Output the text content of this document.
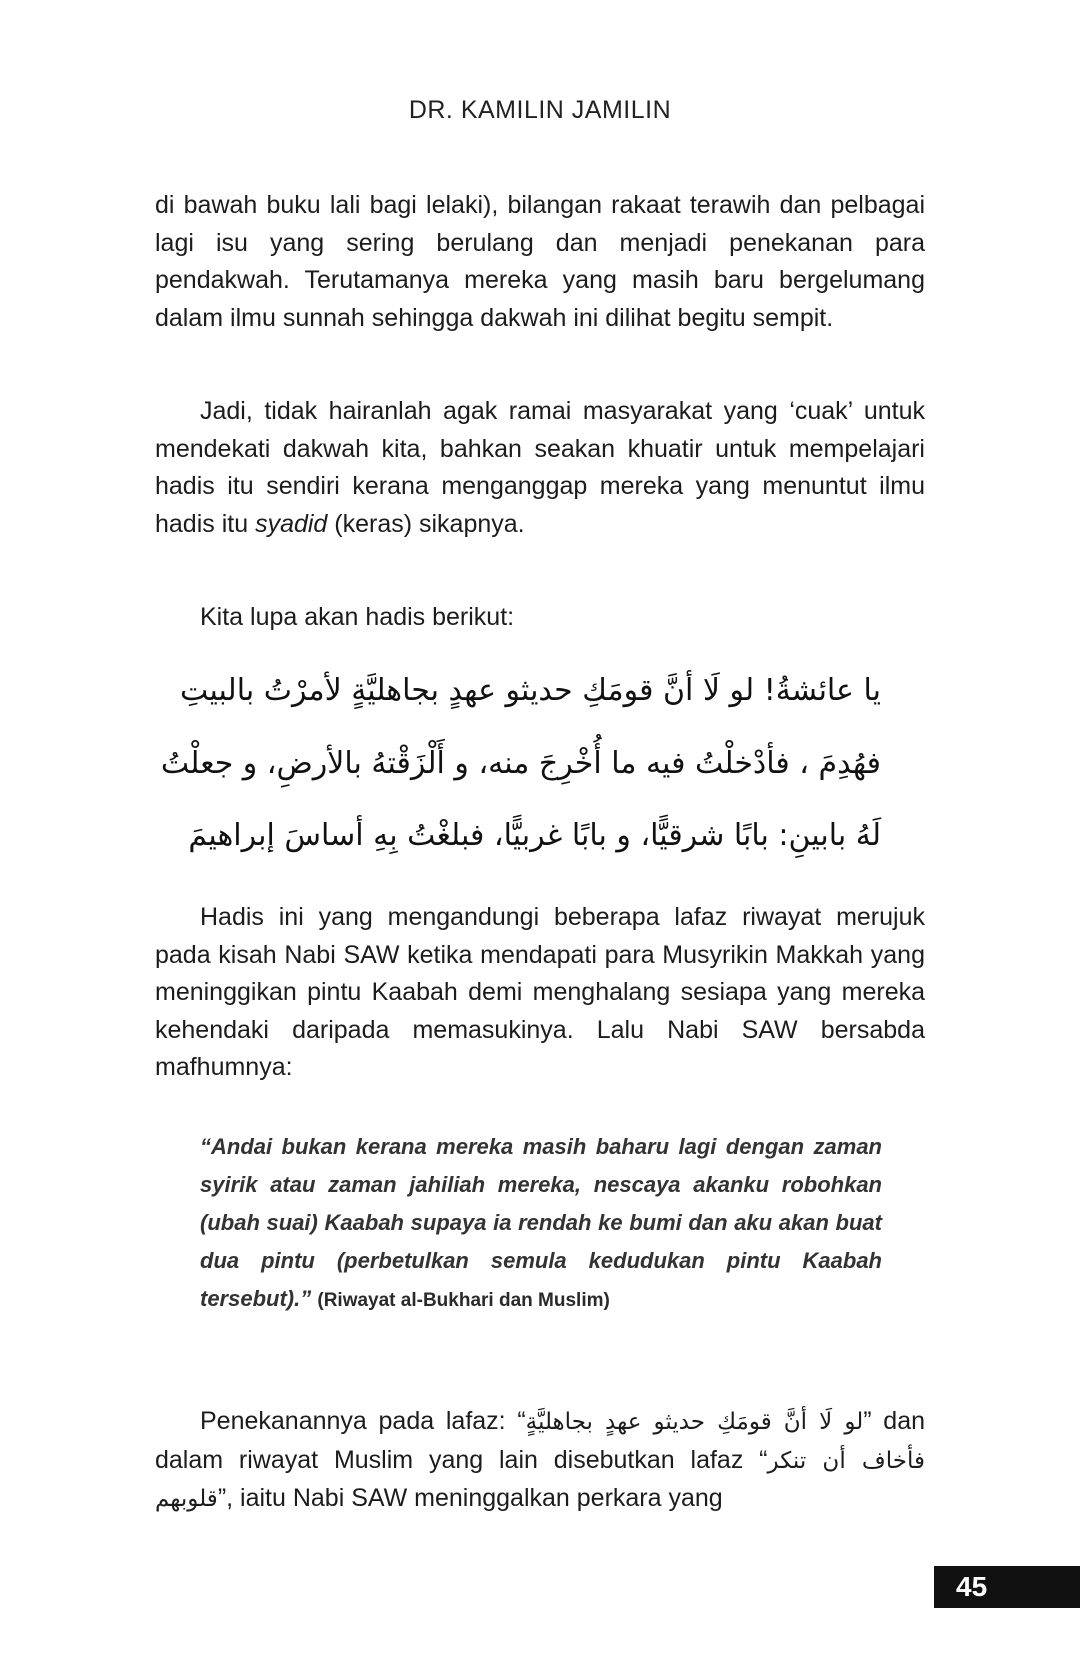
DR. KAMILIN JAMILIN

di bawah buku lali bagi lelaki), bilangan rakaat terawih dan pelbagai lagi isu yang sering berulang dan menjadi penekanan para pendakwah. Terutamanya mereka yang masih baru bergelumang dalam ilmu sunnah sehingga dakwah ini dilihat begitu sempit.

Jadi, tidak hairanlah agak ramai masyarakat yang ‘cuak’ untuk mendekati dakwah kita, bahkan seakan khuatir untuk mempelajari hadis itu sendiri kerana menganggap mereka yang menuntut ilmu hadis itu syadid (keras) sikapnya.

Kita lupa akan hadis berikut:

يا عائشةُ! لو لَا أنَّ قومَكِ حديثو عهدٍ بجاهليَّةٍ لأمرْتُ بالبيتِ
فهُدِمَ ، فأدْخلْتُ فيه ما أُخْرِجَ منه، و أَلْزَقْتهُ بالأرضِ، و جعلْتُ
لَهُ بابينِ: بابًا شرقيًّا، و بابًا غربيًّا، فبلغْتُ بِهِ أساسَ إبراهيمَ

Hadis ini yang mengandungi beberapa lafaz riwayat merujuk pada kisah Nabi SAW ketika mendapati para Musyrikin Makkah yang meninggikan pintu Kaabah demi menghalang sesiapa yang mereka kehendaki daripada memasukinya. Lalu Nabi SAW bersabda mafhumnya:

“Andai bukan kerana mereka masih baharu lagi dengan zaman syirik atau zaman jahiliah mereka, nescaya akanku robohkan (ubah suai) Kaabah supaya ia rendah ke bumi dan aku akan buat dua pintu (perbetulkan semula kedudukan pintu Kaabah tersebut).” (Riwayat al-Bukhari dan Muslim)

Penekanannya pada lafaz: “لو لَا أنَّ قومَكِ حديثو عهدٍ بجاهليَّةٍ” dan dalam riwayat Muslim yang lain disebutkan lafaz “فأخاف أن تنكر قلوبهم”, iaitu Nabi SAW meninggalkan perkara yang

45
